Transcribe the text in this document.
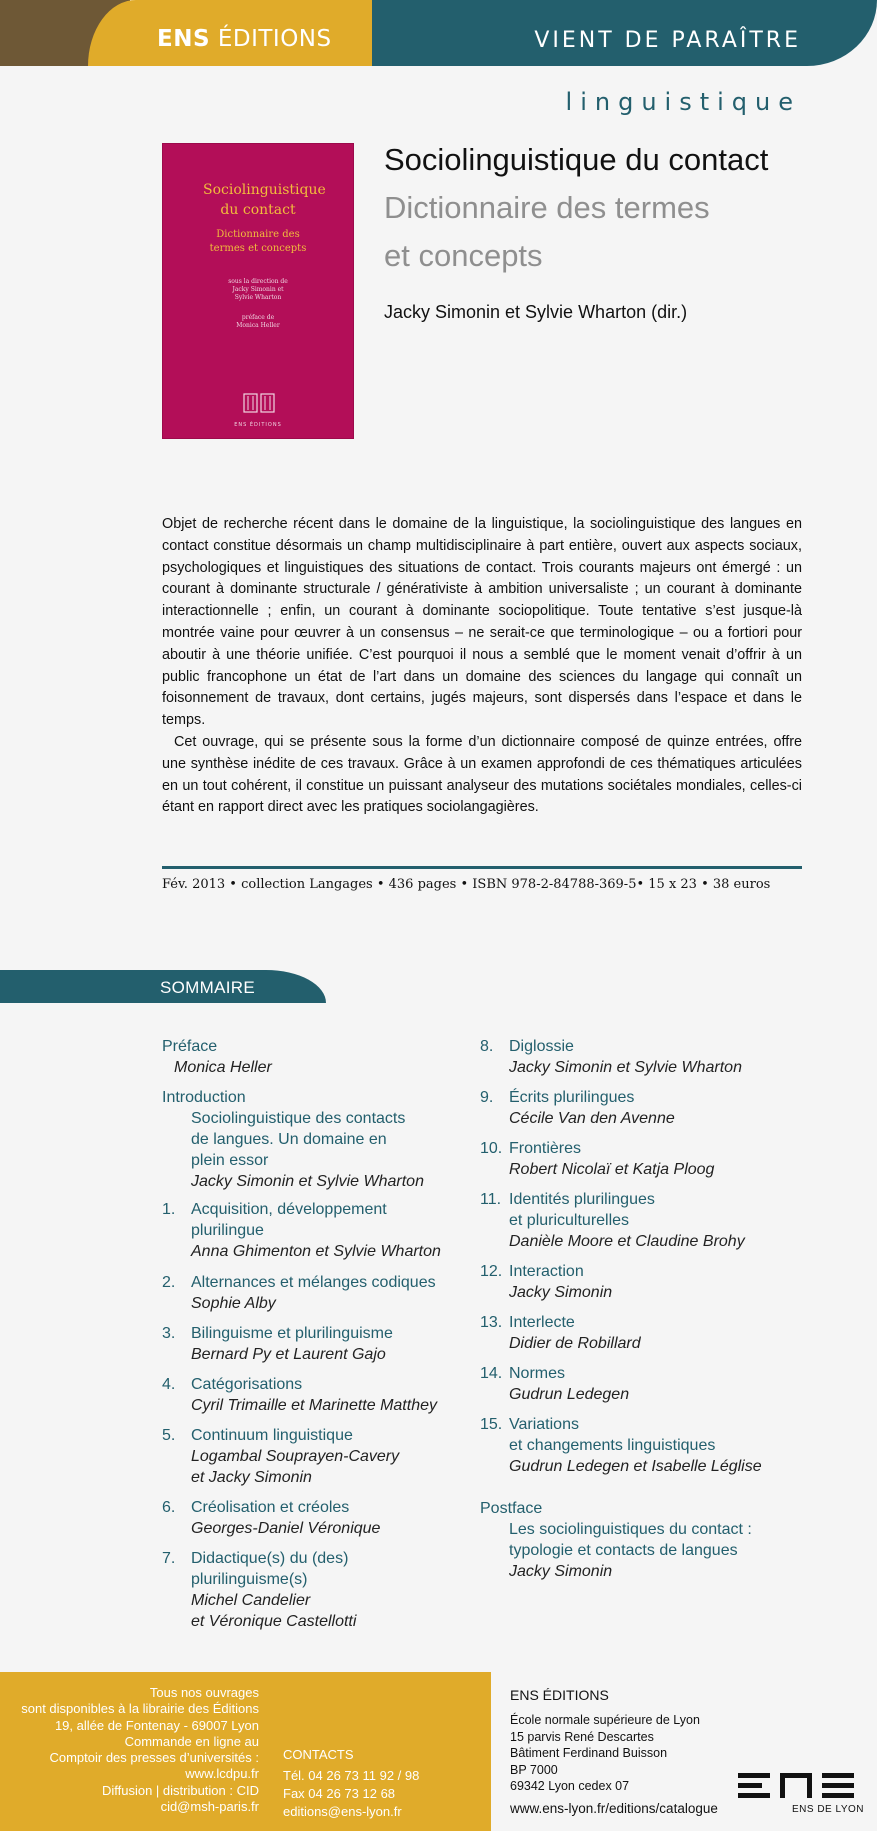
ENS ÉDITIONS	VIENT DE PARAÎTRE
linguistique
Sociolinguistique du contact
Dictionnaire des termes et concepts
sous la direction de Jacky Simonin et Sylvie Wharton
préface de Monica Heller
ENS ÉDITIONS
Sociolinguistique du contact
Dictionnaire des termes
et concepts
Jacky Simonin et Sylvie Wharton (dir.)

Objet de recherche récent dans le domaine de la linguistique, la sociolinguistique des langues en contact constitue désormais un champ multidisciplinaire à part entière, ouvert aux aspects sociaux, psychologiques et linguistiques des situations de contact. Trois courants majeurs ont émergé : un courant à dominante structurale / générativiste à ambition universaliste ; un courant à dominante interactionnelle ; enfin, un courant à dominante sociopolitique. Toute tentative s’est jusque-là montrée vaine pour œuvrer à un consensus – ne serait-ce que terminologique – ou a fortiori pour aboutir à une théorie unifiée. C’est pourquoi il nous a semblé que le moment venait d’offrir à un public francophone un état de l’art dans un domaine des sciences du langage qui connaît un foisonnement de travaux, dont certains, jugés majeurs, sont dispersés dans l’espace et dans le temps.

Cet ouvrage, qui se présente sous la forme d’un dictionnaire composé de quinze entrées, offre une synthèse inédite de ces travaux. Grâce à un examen approfondi de ces thématiques articulées en un tout cohérent, il constitue un puissant analyseur des mutations sociétales mondiales, celles-ci étant en rapport direct avec les pratiques sociolangagières.

Fév. 2013 • collection Langages • 436 pages • ISBN 978-2-84788-369-5• 15 x 23 • 38 euros
SOMMAIRE
Préface
Monica Heller
Introduction
Sociolinguistique des contacts
de langues. Un domaine en
plein essor
Jacky Simonin et Sylvie Wharton
1. Acquisition, développement
plurilingue
Anna Ghimenton et Sylvie Wharton
2. Alternances et mélanges codiques
Sophie Alby
3. Bilinguisme et plurilinguisme
Bernard Py et Laurent Gajo
4. Catégorisations
Cyril Trimaille et Marinette Matthey
5. Continuum linguistique
Logambal Souprayen-Cavery
et Jacky Simonin
6. Créolisation et créoles
Georges-Daniel Véronique
7. Didactique(s) du (des)
plurilinguisme(s)
Michel Candelier
et Véronique Castellotti
8. Diglossie
Jacky Simonin et Sylvie Wharton
9. Écrits plurilingues
Cécile Van den Avenne
10. Frontières
Robert Nicolaï et Katja Ploog
11. Identités plurilingues
et pluriculturelles
Danièle Moore et Claudine Brohy
12. Interaction
Jacky Simonin
13. Interlecte
Didier de Robillard
14. Normes
Gudrun Ledegen
15. Variations
et changements linguistiques
Gudrun Ledegen et Isabelle Léglise
Postface
Les sociolinguistiques du contact :
typologie et contacts de langues
Jacky Simonin
Tous nos ouvrages
sont disponibles à la librairie des Éditions
19, allée de Fontenay - 69007 Lyon
Commande en ligne au
Comptoir des presses d’universités :
www.lcdpu.fr
Diffusion | distribution : CID
cid@msh-paris.fr
CONTACTS
Tél. 04 26 73 11 92 / 98
Fax 04 26 73 12 68
editions@ens-lyon.fr
ENS ÉDITIONS
École normale supérieure de Lyon
15 parvis René Descartes
Bâtiment Ferdinand Buisson
BP 7000
69342 Lyon cedex 07
www.ens-lyon.fr/editions/catalogue	ENS DE LYON
